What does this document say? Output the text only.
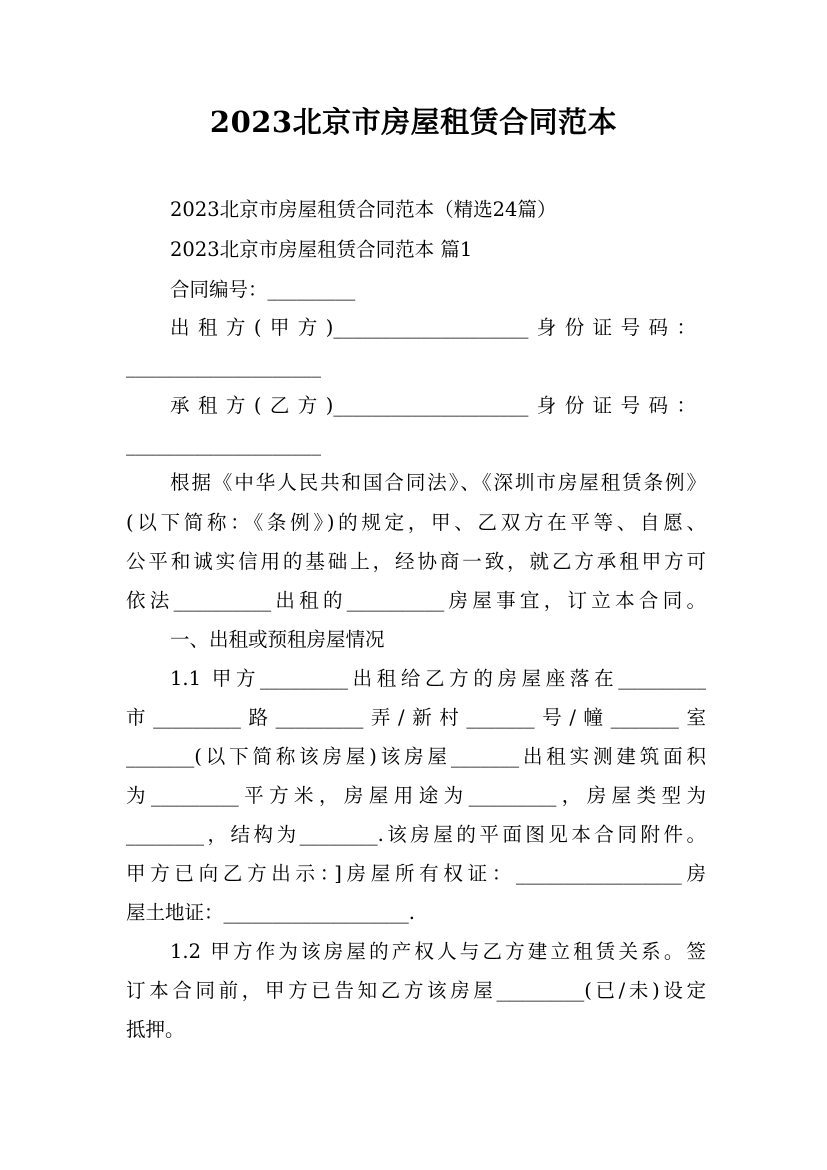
2023北京市房屋租赁合同范本
2023北京市房屋租赁合同范本（精选24篇）
2023北京市房屋租赁合同范本 篇1
合同编号：_________
出租方(甲方)____________________身份证号码：
____________________
承租方(乙方)____________________身份证号码：
____________________
根据《中华人民共和国合同法》、《深圳市房屋租赁条例》
(以下简称：《条例》)的规定，甲、乙双方在平等、自愿、
公平和诚实信用的基础上，经协商一致，就乙方承租甲方可
依法__________出租的__________房屋事宜，订立本合同。
一、出租或预租房屋情况
1.1 甲方_________出租给乙方的房屋座落在_________
市_________路_________弄/新村_______号/幢_______室
_______(以下简称该房屋)该房屋_______出租实测建筑面积
为_________平方米，房屋用途为_________，房屋类型为
________，结构为________.该房屋的平面图见本合同附件。
甲方已向乙方出示：]房屋所有权证：_________________房
屋土地证：___________________.
1.2 甲方作为该房屋的产权人与乙方建立租赁关系。签
订本合同前，甲方已告知乙方该房屋_________(已/未)设定
抵押。
